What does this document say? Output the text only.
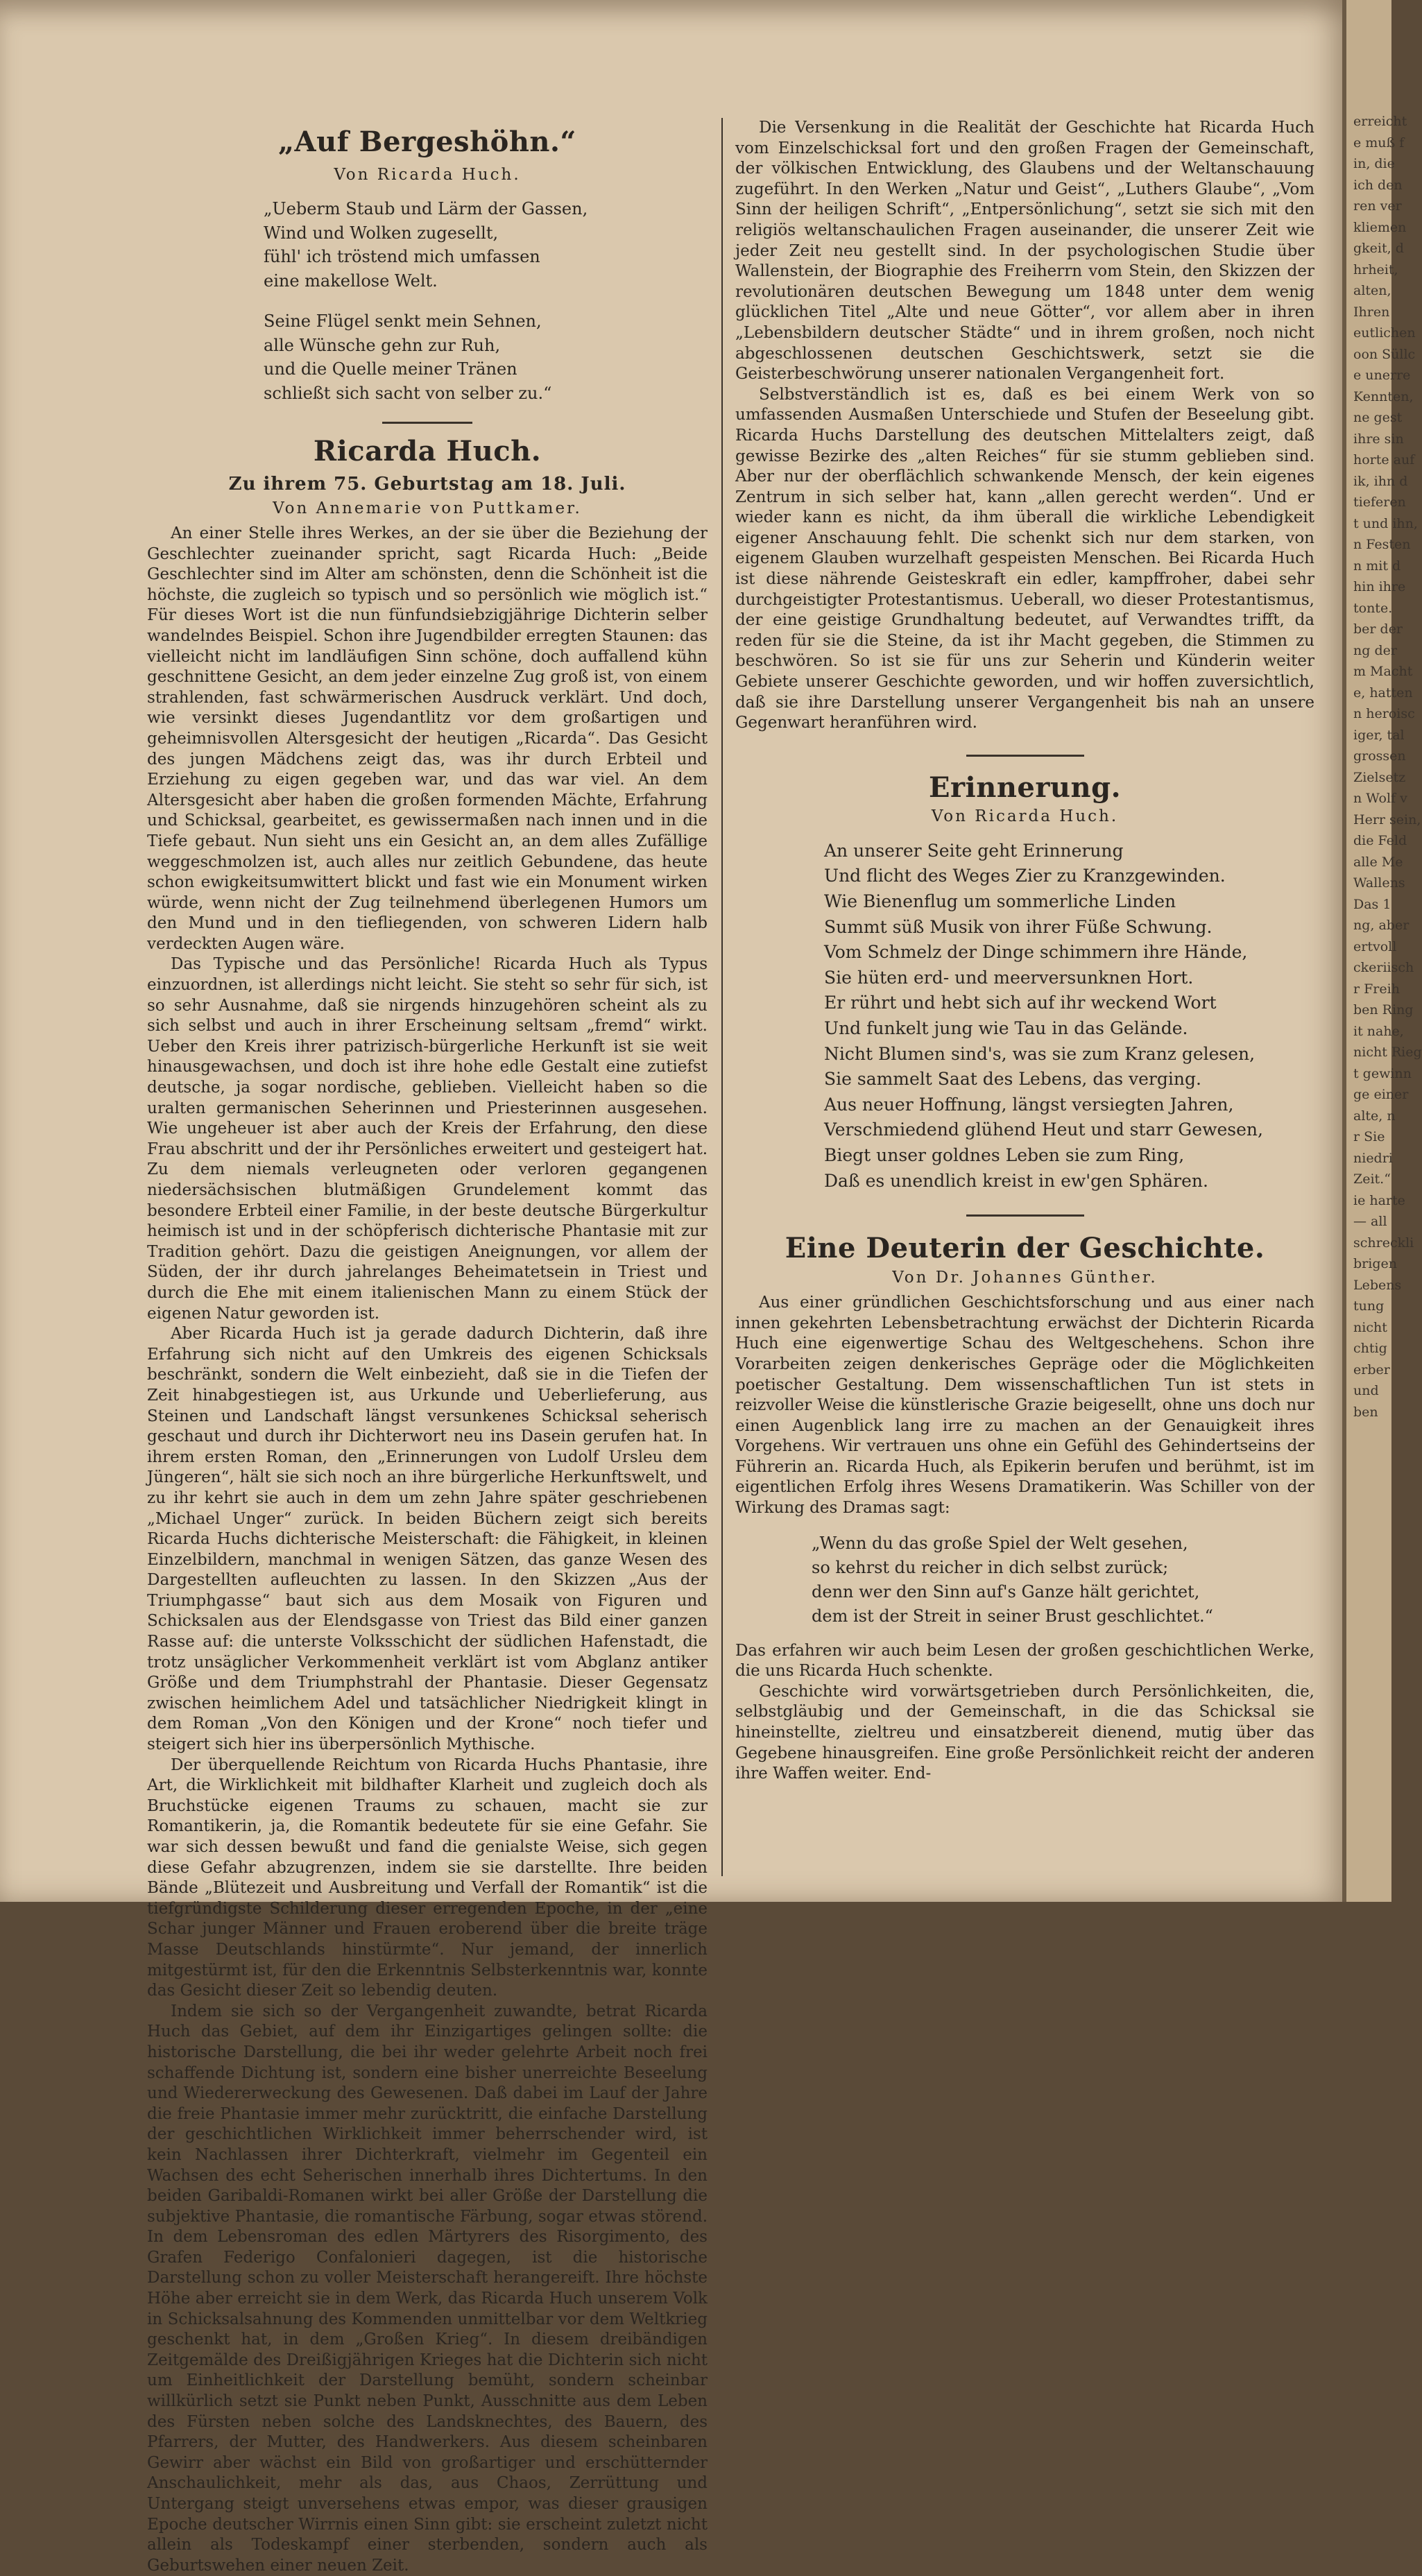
„Auf Bergeshöhn.“
Von Ricarda Huch.
„Ueberm Staub und Lärm der Gassen,
Wind und Wolken zugesellt,
fühl' ich tröstend mich umfassen
eine makellose Welt.
Seine Flügel senkt mein Sehnen,
alle Wünsche gehn zur Ruh,
und die Quelle meiner Tränen
schließt sich sacht von selber zu.“
Ricarda Huch.
Zu ihrem 75. Geburtstag am 18. Juli.
Von Annemarie von Puttkamer.

An einer Stelle ihres Werkes, an der sie über die Beziehung der Geschlechter zueinander spricht, sagt Ricarda Huch: „Beide Geschlechter sind im Alter am schönsten, denn die Schönheit ist die höchste, die zugleich so typisch und so persönlich wie möglich ist.“ Für dieses Wort ist die nun fünfundsiebzigjährige Dichterin selber wandelndes Beispiel. Schon ihre Jugendbilder erregten Staunen: das vielleicht nicht im landläufigen Sinn schöne, doch auffallend kühn geschnittene Gesicht, an dem jeder einzelne Zug groß ist, von einem strahlenden, fast schwärmerischen Ausdruck verklärt. Und doch, wie versinkt dieses Jugendantlitz vor dem großartigen und geheimnisvollen Altersgesicht der heutigen „Ricarda“. Das Gesicht des jungen Mädchens zeigt das, was ihr durch Erbteil und Erziehung zu eigen gegeben war, und das war viel. An dem Altersgesicht aber haben die großen formenden Mächte, Erfahrung und Schicksal, gearbeitet, es gewissermaßen nach innen und in die Tiefe gebaut. Nun sieht uns ein Gesicht an, an dem alles Zufällige weggeschmolzen ist, auch alles nur zeitlich Gebundene, das heute schon ewigkeitsumwittert blickt und fast wie ein Monument wirken würde, wenn nicht der Zug teilnehmend überlegenen Humors um den Mund und in den tiefliegenden, von schweren Lidern halb verdeckten Augen wäre.

Das Typische und das Persönliche! Ricarda Huch als Typus einzuordnen, ist allerdings nicht leicht. Sie steht so sehr für sich, ist so sehr Ausnahme, daß sie nirgends hinzugehören scheint als zu sich selbst und auch in ihrer Erscheinung seltsam „fremd“ wirkt. Ueber den Kreis ihrer patrizisch-bürgerliche Herkunft ist sie weit hinausgewachsen, und doch ist ihre hohe edle Gestalt eine zutiefst deutsche, ja sogar nordische, geblieben. Vielleicht haben so die uralten germanischen Seherinnen und Priesterinnen ausgesehen. Wie ungeheuer ist aber auch der Kreis der Erfahrung, den diese Frau abschritt und der ihr Persönliches erweitert und gesteigert hat. Zu dem niemals verleugneten oder verloren gegangenen niedersächsischen blutmäßigen Grundelement kommt das besondere Erbteil einer Familie, in der beste deutsche Bürgerkultur heimisch ist und in der schöpferisch dichterische Phantasie mit zur Tradition gehört. Dazu die geistigen Aneignungen, vor allem der Süden, der ihr durch jahrelanges Beheimatetsein in Triest und durch die Ehe mit einem italienischen Mann zu einem Stück der eigenen Natur geworden ist.

Aber Ricarda Huch ist ja gerade dadurch Dichterin, daß ihre Erfahrung sich nicht auf den Umkreis des eigenen Schicksals beschränkt, sondern die Welt einbezieht, daß sie in die Tiefen der Zeit hinabgestiegen ist, aus Urkunde und Ueberlieferung, aus Steinen und Landschaft längst versunkenes Schicksal seherisch geschaut und durch ihr Dichterwort neu ins Dasein gerufen hat. In ihrem ersten Roman, den „Erinnerungen von Ludolf Ursleu dem Jüngeren“, hält sie sich noch an ihre bürgerliche Herkunftswelt, und zu ihr kehrt sie auch in dem um zehn Jahre später geschriebenen „Michael Unger“ zurück. In beiden Büchern zeigt sich bereits Ricarda Huchs dichterische Meisterschaft: die Fähigkeit, in kleinen Einzelbildern, manchmal in wenigen Sätzen, das ganze Wesen des Dargestellten aufleuchten zu lassen. In den Skizzen „Aus der Triumphgasse“ baut sich aus dem Mosaik von Figuren und Schicksalen aus der Elendsgasse von Triest das Bild einer ganzen Rasse auf: die unterste Volksschicht der südlichen Hafenstadt, die trotz unsäglicher Verkommenheit verklärt ist vom Abglanz antiker Größe und dem Triumphstrahl der Phantasie. Dieser Gegensatz zwischen heimlichem Adel und tatsächlicher Niedrigkeit klingt in dem Roman „Von den Königen und der Krone“ noch tiefer und steigert sich hier ins überpersönlich Mythische.

Der überquellende Reichtum von Ricarda Huchs Phantasie, ihre Art, die Wirklichkeit mit bildhafter Klarheit und zugleich doch als Bruchstücke eigenen Traums zu schauen, macht sie zur Romantikerin, ja, die Romantik bedeutete für sie eine Gefahr. Sie war sich dessen bewußt und fand die genialste Weise, sich gegen diese Gefahr abzugrenzen, indem sie sie darstellte. Ihre beiden Bände „Blütezeit und Ausbreitung und Verfall der Romantik“ ist die tiefgründigste Schilderung dieser erregenden Epoche, in der „eine Schar junger Männer und Frauen eroberend über die breite träge Masse Deutschlands hinstürmte“. Nur jemand, der innerlich mitgestürmt ist, für den die Erkenntnis Selbsterkenntnis war, konnte das Gesicht dieser Zeit so lebendig deuten.

Indem sie sich so der Vergangenheit zuwandte, betrat Ricarda Huch das Gebiet, auf dem ihr Einzigartiges gelingen sollte: die historische Darstellung, die bei ihr weder gelehrte Arbeit noch frei schaffende Dichtung ist, sondern eine bisher unerreichte Beseelung und Wiedererweckung des Gewesenen. Daß dabei im Lauf der Jahre die freie Phantasie immer mehr zurücktritt, die einfache Darstellung der geschichtlichen Wirklichkeit immer beherrschender wird, ist kein Nachlassen ihrer Dichterkraft, vielmehr im Gegenteil ein Wachsen des echt Seherischen innerhalb ihres Dichtertums. In den beiden Garibaldi-Romanen wirkt bei aller Größe der Darstellung die subjektive Phantasie, die romantische Färbung, sogar etwas störend. In dem Lebensroman des edlen Märtyrers des Risorgimento, des Grafen Federigo Confalonieri dagegen, ist die historische Darstellung schon zu voller Meisterschaft herangereift. Ihre höchste Höhe aber erreicht sie in dem Werk, das Ricarda Huch unserem Volk in Schicksalsahnung des Kommenden unmittelbar vor dem Weltkrieg geschenkt hat, in dem „Großen Krieg“. In diesem dreibändigen Zeitgemälde des Dreißigjährigen Krieges hat die Dichterin sich nicht um Einheitlichkeit der Darstellung bemüht, sondern scheinbar willkürlich setzt sie Punkt neben Punkt, Ausschnitte aus dem Leben des Fürsten neben solche des Landsknechtes, des Bauern, des Pfarrers, der Mutter, des Handwerkers. Aus diesem scheinbaren Gewirr aber wächst ein Bild von großartiger und erschütternder Anschaulichkeit, mehr als das, aus Chaos, Zerrüttung und Untergang steigt unversehens etwas empor, was dieser grausigen Epoche deutscher Wirrnis einen Sinn gibt: sie erscheint zuletzt nicht allein als Todeskampf einer sterbenden, sondern auch als Geburtswehen einer neuen Zeit.

Die Versenkung in die Realität der Geschichte hat Ricarda Huch vom Einzelschicksal fort und den großen Fragen der Gemeinschaft, der völkischen Entwicklung, des Glaubens und der Weltanschauung zugeführt. In den Werken „Natur und Geist“, „Luthers Glaube“, „Vom Sinn der heiligen Schrift“, „Entpersönlichung“, setzt sie sich mit den religiös weltanschaulichen Fragen auseinander, die unserer Zeit wie jeder Zeit neu gestellt sind. In der psychologischen Studie über Wallenstein, der Biographie des Freiherrn vom Stein, den Skizzen der revolutionären deutschen Bewegung um 1848 unter dem wenig glücklichen Titel „Alte und neue Götter“, vor allem aber in ihren „Lebensbildern deutscher Städte“ und in ihrem großen, noch nicht abgeschlossenen deutschen Geschichtswerk, setzt sie die Geisterbeschwörung unserer nationalen Vergangenheit fort.

Selbstverständlich ist es, daß es bei einem Werk von so umfassenden Ausmaßen Unterschiede und Stufen der Beseelung gibt. Ricarda Huchs Darstellung des deutschen Mittelalters zeigt, daß gewisse Bezirke des „alten Reiches“ für sie stumm geblieben sind. Aber nur der oberflächlich schwankende Mensch, der kein eigenes Zentrum in sich selber hat, kann „allen gerecht werden“. Und er wieder kann es nicht, da ihm überall die wirkliche Lebendigkeit eigener Anschauung fehlt. Die schenkt sich nur dem starken, von eigenem Glauben wurzelhaft gespeisten Menschen. Bei Ricarda Huch ist diese nährende Geisteskraft ein edler, kampffroher, dabei sehr durchgeistigter Protestantismus. Ueberall, wo dieser Protestantismus, der eine geistige Grundhaltung bedeutet, auf Verwandtes trifft, da reden für sie die Steine, da ist ihr Macht gegeben, die Stimmen zu beschwören. So ist sie für uns zur Seherin und Künderin weiter Gebiete unserer Geschichte geworden, und wir hoffen zuversichtlich, daß sie ihre Darstellung unserer Vergangenheit bis nah an unsere Gegenwart heranführen wird.

Erinnerung.
Von Ricarda Huch.
An unserer Seite geht Erinnerung
Und flicht des Weges Zier zu Kranzgewinden.
Wie Bienenflug um sommerliche Linden
Summt süß Musik von ihrer Füße Schwung.
Vom Schmelz der Dinge schimmern ihre Hände,
Sie hüten erd- und meerversunknen Hort.
Er rührt und hebt sich auf ihr weckend Wort
Und funkelt jung wie Tau in das Gelände.
Nicht Blumen sind's, was sie zum Kranz gelesen,
Sie sammelt Saat des Lebens, das verging.
Aus neuer Hoffnung, längst versiegten Jahren,
Verschmiedend glühend Heut und starr Gewesen,
Biegt unser goldnes Leben sie zum Ring,
Daß es unendlich kreist in ew'gen Sphären.
Eine Deuterin der Geschichte.
Von Dr. Johannes Günther.

Aus einer gründlichen Geschichtsforschung und aus einer nach innen gekehrten Lebensbetrachtung erwächst der Dichterin Ricarda Huch eine eigenwertige Schau des Weltgeschehens. Schon ihre Vorarbeiten zeigen denkerisches Gepräge oder die Möglichkeiten poetischer Gestaltung. Dem wissenschaftlichen Tun ist stets in reizvoller Weise die künstlerische Grazie beigesellt, ohne uns doch nur einen Augenblick lang irre zu machen an der Genauigkeit ihres Vorgehens. Wir vertrauen uns ohne ein Gefühl des Gehindertseins der Führerin an. Ricarda Huch, als Epikerin berufen und berühmt, ist im eigentlichen Erfolg ihres Wesens Dramatikerin. Was Schiller von der Wirkung des Dramas sagt:

„Wenn du das große Spiel der Welt gesehen,
so kehrst du reicher in dich selbst zurück;
denn wer den Sinn auf's Ganze hält gerichtet,
dem ist der Streit in seiner Brust geschlichtet.“

Das erfahren wir auch beim Lesen der großen geschichtlichen Werke, die uns Ricarda Huch schenkte.

Geschichte wird vorwärtsgetrieben durch Persönlichkeiten, die, selbstgläubig und der Gemeinschaft, in die das Schicksal sie hineinstellte, zieltreu und einsatzbereit dienend, mutig über das Gegebene hinausgreifen. Eine große Persönlichkeit reicht der anderen ihre Waffen weiter. End-

erreicht
e muß f
in, die
ich den
ren ver
kliemen
gkeit, d
hrheit,
alten,
Ihren
eutlichen
oon Süllc
e unerre
Kennten,
ne gest
ihre sin
horte auf
ik, ihn d
tieferen
t und ihn,
n Festen
n mit d
hin ihre
tonte.
ber der
ng der
m Macht
e, hatten
n heroisc
iger, tal
grossen
Zielsetz
n Wolf v
Herr sein,
die Feld
alle Me
Wallens
Das 1
ng, aber
ertvoll
ckeriisch
r Freih
ben Ring
it nahe,
nicht Rieg
t gewinn
ge einer
alte, n
r Sie
niedri
Zeit.“
ie harte
— all
schreckli
brigen
Lebens
tung
nicht
chtig
erber
und
ben
